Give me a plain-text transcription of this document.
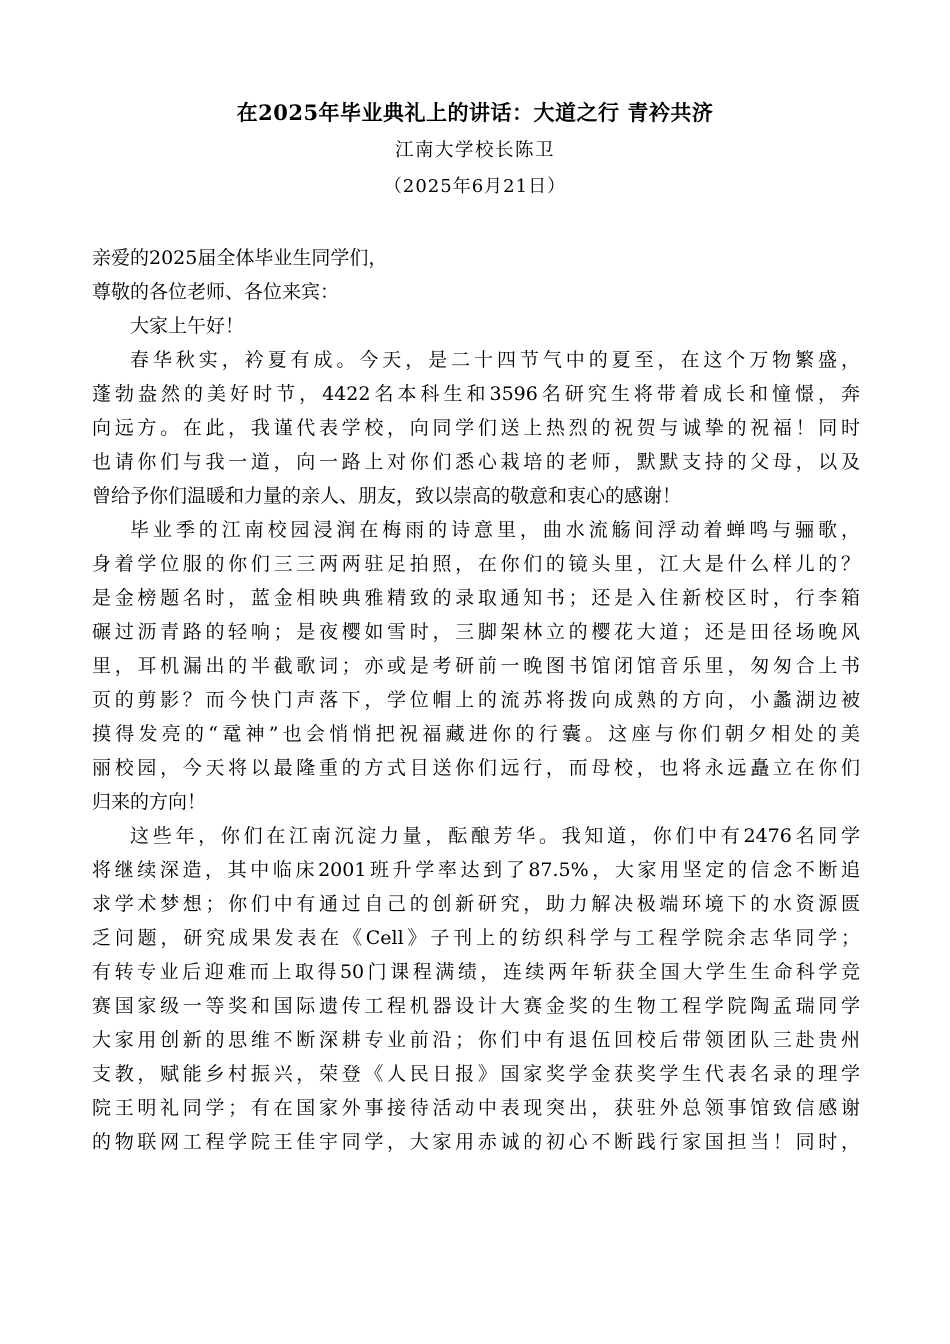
在2025年毕业典礼上的讲话：大道之行 青衿共济
江南大学校长陈卫
（2025年6月21日）
亲爱的2025届全体毕业生同学们，
尊敬的各位老师、各位来宾：
大家上午好！
春华秋实，衿夏有成。今天，是二十四节气中的夏至，在这个万物繁盛，
蓬勃盎然的美好时节，4422名本科生和3596名研究生将带着成长和憧憬，奔
向远方。在此，我谨代表学校，向同学们送上热烈的祝贺与诚挚的祝福！同时
也请你们与我一道，向一路上对你们悉心栽培的老师，默默支持的父母，以及
曾给予你们温暖和力量的亲人、朋友，致以崇高的敬意和衷心的感谢！
毕业季的江南校园浸润在梅雨的诗意里，曲水流觞间浮动着蝉鸣与骊歌，
身着学位服的你们三三两两驻足拍照，在你们的镜头里，江大是什么样儿的？
是金榜题名时，蓝金相映典雅精致的录取通知书；还是入住新校区时，行李箱
碾过沥青路的轻响；是夜樱如雪时，三脚架林立的樱花大道；还是田径场晚风
里，耳机漏出的半截歌词；亦或是考研前一晚图书馆闭馆音乐里，匆匆合上书
页的剪影？而今快门声落下，学位帽上的流苏将拨向成熟的方向，小蠡湖边被
摸得发亮的“鼋神”也会悄悄把祝福藏进你的行囊。这座与你们朝夕相处的美
丽校园，今天将以最隆重的方式目送你们远行，而母校，也将永远矗立在你们
归来的方向！
这些年，你们在江南沉淀力量，酝酿芳华。我知道，你们中有2476名同学
将继续深造，其中临床2001班升学率达到了87.5%，大家用坚定的信念不断追
求学术梦想；你们中有通过自己的创新研究，助力解决极端环境下的水资源匮
乏问题，研究成果发表在《Cell》子刊上的纺织科学与工程学院余志华同学；
有转专业后迎难而上取得50门课程满绩，连续两年斩获全国大学生生命科学竞
赛国家级一等奖和国际遗传工程机器设计大赛金奖的生物工程学院陶孟瑞同学
大家用创新的思维不断深耕专业前沿；你们中有退伍回校后带领团队三赴贵州
支教，赋能乡村振兴，荣登《人民日报》国家奖学金获奖学生代表名录的理学
院王明礼同学；有在国家外事接待活动中表现突出，获驻外总领事馆致信感谢
的物联网工程学院王佳宇同学，大家用赤诚的初心不断践行家国担当！同时，
